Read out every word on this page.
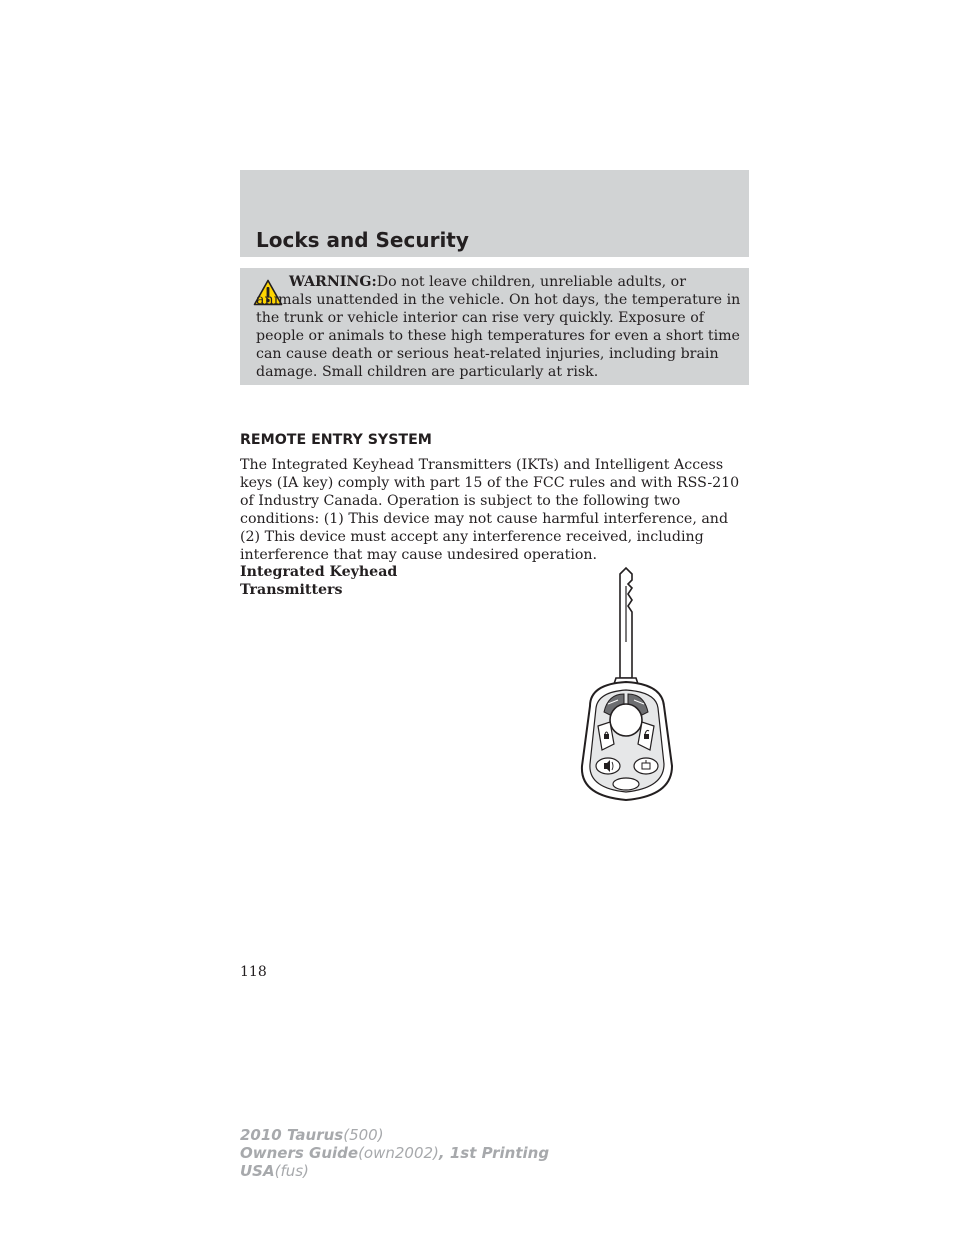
Locks and Security

WARNING:Do not leave children, unreliable adults, or animals unattended in the vehicle. On hot days, the temperature in the trunk or vehicle interior can rise very quickly. Exposure of people or animals to these high temperatures for even a short time can cause death or serious heat-related injuries, including brain damage. Small children are particularly at risk.

REMOTE ENTRY SYSTEM

The Integrated Keyhead Transmitters (IKTs) and Intelligent Access keys (IA key) comply with part 15 of the FCC rules and with RSS-210 of Industry Canada. Operation is subject to the following two conditions: (1) This device may not cause harmful interference, and (2) This device must accept any interference received, including interference that may cause undesired operation.

Integrated Keyhead Transmitters

118
2010 Taurus(500)
Owners Guide(own2002), 1st Printing
USA(fus)
